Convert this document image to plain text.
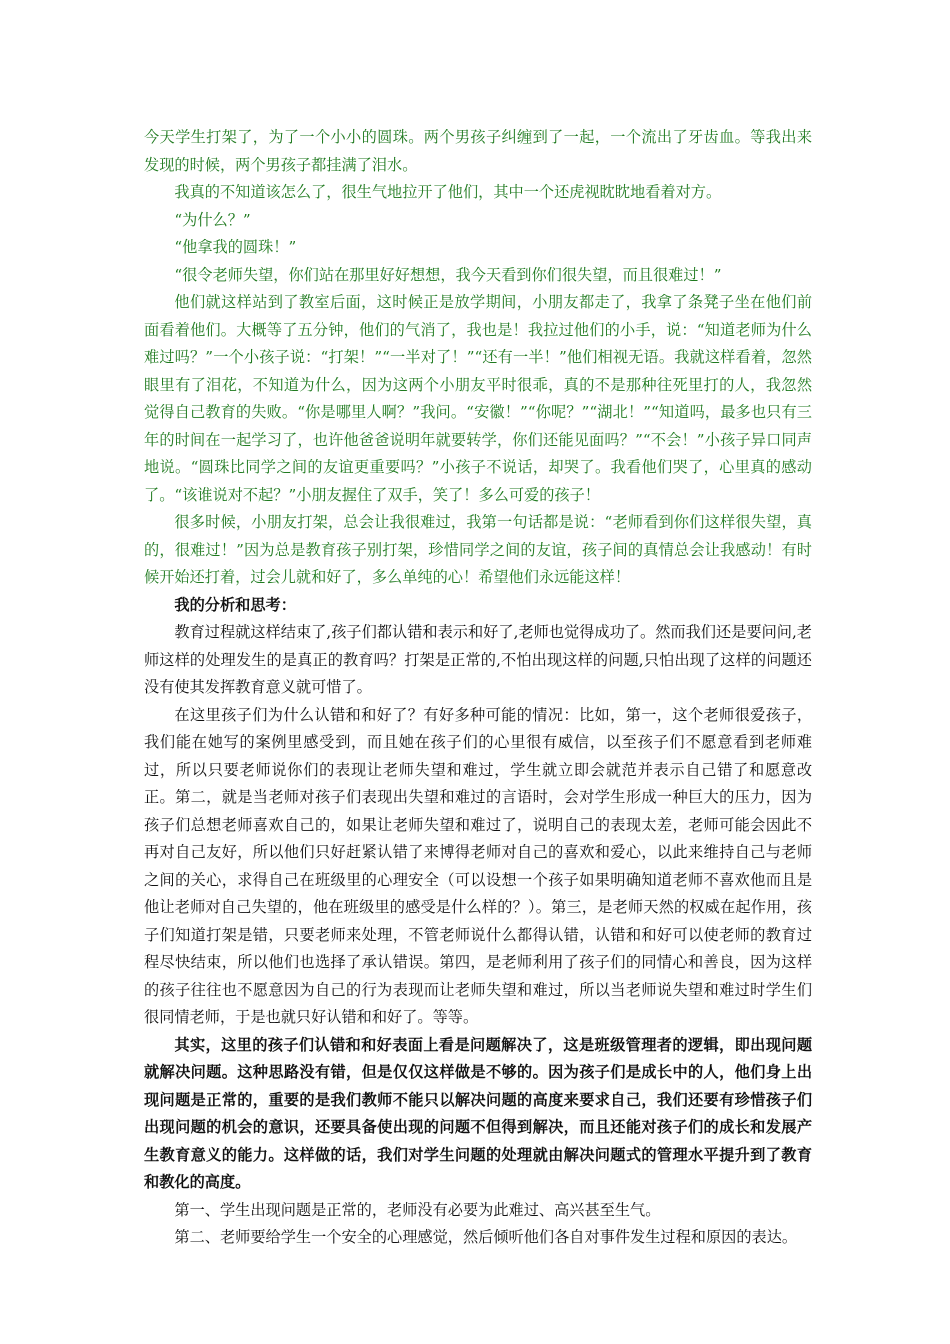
今天学生打架了，为了一个小小的圆珠。两个男孩子纠缠到了一起，一个流出了牙齿血。等我出来发现的时候，两个男孩子都挂满了泪水。

我真的不知道该怎么了，很生气地拉开了他们，其中一个还虎视眈眈地看着对方。

“为什么？”

“他拿我的圆珠！”

“很令老师失望，你们站在那里好好想想，我今天看到你们很失望，而且很难过！”

他们就这样站到了教室后面，这时候正是放学期间，小朋友都走了，我拿了条凳子坐在他们前面看着他们。大概等了五分钟，他们的气消了，我也是！我拉过他们的小手，说：“知道老师为什么难过吗？”一个小孩子说：“打架！”“一半对了！”“还有一半！”他们相视无语。我就这样看着，忽然眼里有了泪花，不知道为什么，因为这两个小朋友平时很乖，真的不是那种往死里打的人，我忽然觉得自己教育的失败。“你是哪里人啊？”我问。“安徽！”“你呢？”“湖北！”“知道吗，最多也只有三年的时间在一起学习了，也许他爸爸说明年就要转学，你们还能见面吗？”“不会！”小孩子异口同声地说。“圆珠比同学之间的友谊更重要吗？”小孩子不说话，却哭了。我看他们哭了，心里真的感动了。“该谁说对不起？”小朋友握住了双手，笑了！多么可爱的孩子！

很多时候，小朋友打架，总会让我很难过，我第一句话都是说：“老师看到你们这样很失望，真的，很难过！”因为总是教育孩子别打架，珍惜同学之间的友谊，孩子间的真情总会让我感动！有时候开始还打着，过会儿就和好了，多么单纯的心！希望他们永远能这样！

我的分析和思考：

教育过程就这样结束了,孩子们都认错和表示和好了,老师也觉得成功了。然而我们还是要问问,老师这样的处理发生的是真正的教育吗？打架是正常的,不怕出现这样的问题,只怕出现了这样的问题还没有使其发挥教育意义就可惜了。

在这里孩子们为什么认错和和好了？有好多种可能的情况：比如，第一，这个老师很爱孩子，我们能在她写的案例里感受到，而且她在孩子们的心里很有威信，以至孩子们不愿意看到老师难过，所以只要老师说你们的表现让老师失望和难过，学生就立即会就范并表示自己错了和愿意改正。第二，就是当老师对孩子们表现出失望和难过的言语时，会对学生形成一种巨大的压力，因为孩子们总想老师喜欢自己的，如果让老师失望和难过了，说明自己的表现太差，老师可能会因此不再对自己友好，所以他们只好赶紧认错了来博得老师对自己的喜欢和爱心，以此来维持自己与老师之间的关心，求得自己在班级里的心理安全（可以设想一个孩子如果明确知道老师不喜欢他而且是他让老师对自己失望的，他在班级里的感受是什么样的？）。第三，是老师天然的权威在起作用，孩子们知道打架是错，只要老师来处理，不管老师说什么都得认错，认错和和好可以使老师的教育过程尽快结束，所以他们也选择了承认错误。第四，是老师利用了孩子们的同情心和善良，因为这样的孩子往往也不愿意因为自己的行为表现而让老师失望和难过，所以当老师说失望和难过时学生们很同情老师，于是也就只好认错和和好了。等等。

其实，这里的孩子们认错和和好表面上看是问题解决了，这是班级管理者的逻辑，即出现问题就解决问题。这种思路没有错，但是仅仅这样做是不够的。因为孩子们是成长中的人，他们身上出现问题是正常的，重要的是我们教师不能只以解决问题的高度来要求自己，我们还要有珍惜孩子们出现问题的机会的意识，还要具备使出现的问题不但得到解决，而且还能对孩子们的成长和发展产生教育意义的能力。这样做的话，我们对学生问题的处理就由解决问题式的管理水平提升到了教育和教化的高度。

第一、学生出现问题是正常的，老师没有必要为此难过、高兴甚至生气。

第二、老师要给学生一个安全的心理感觉，然后倾听他们各自对事件发生过程和原因的表达。
